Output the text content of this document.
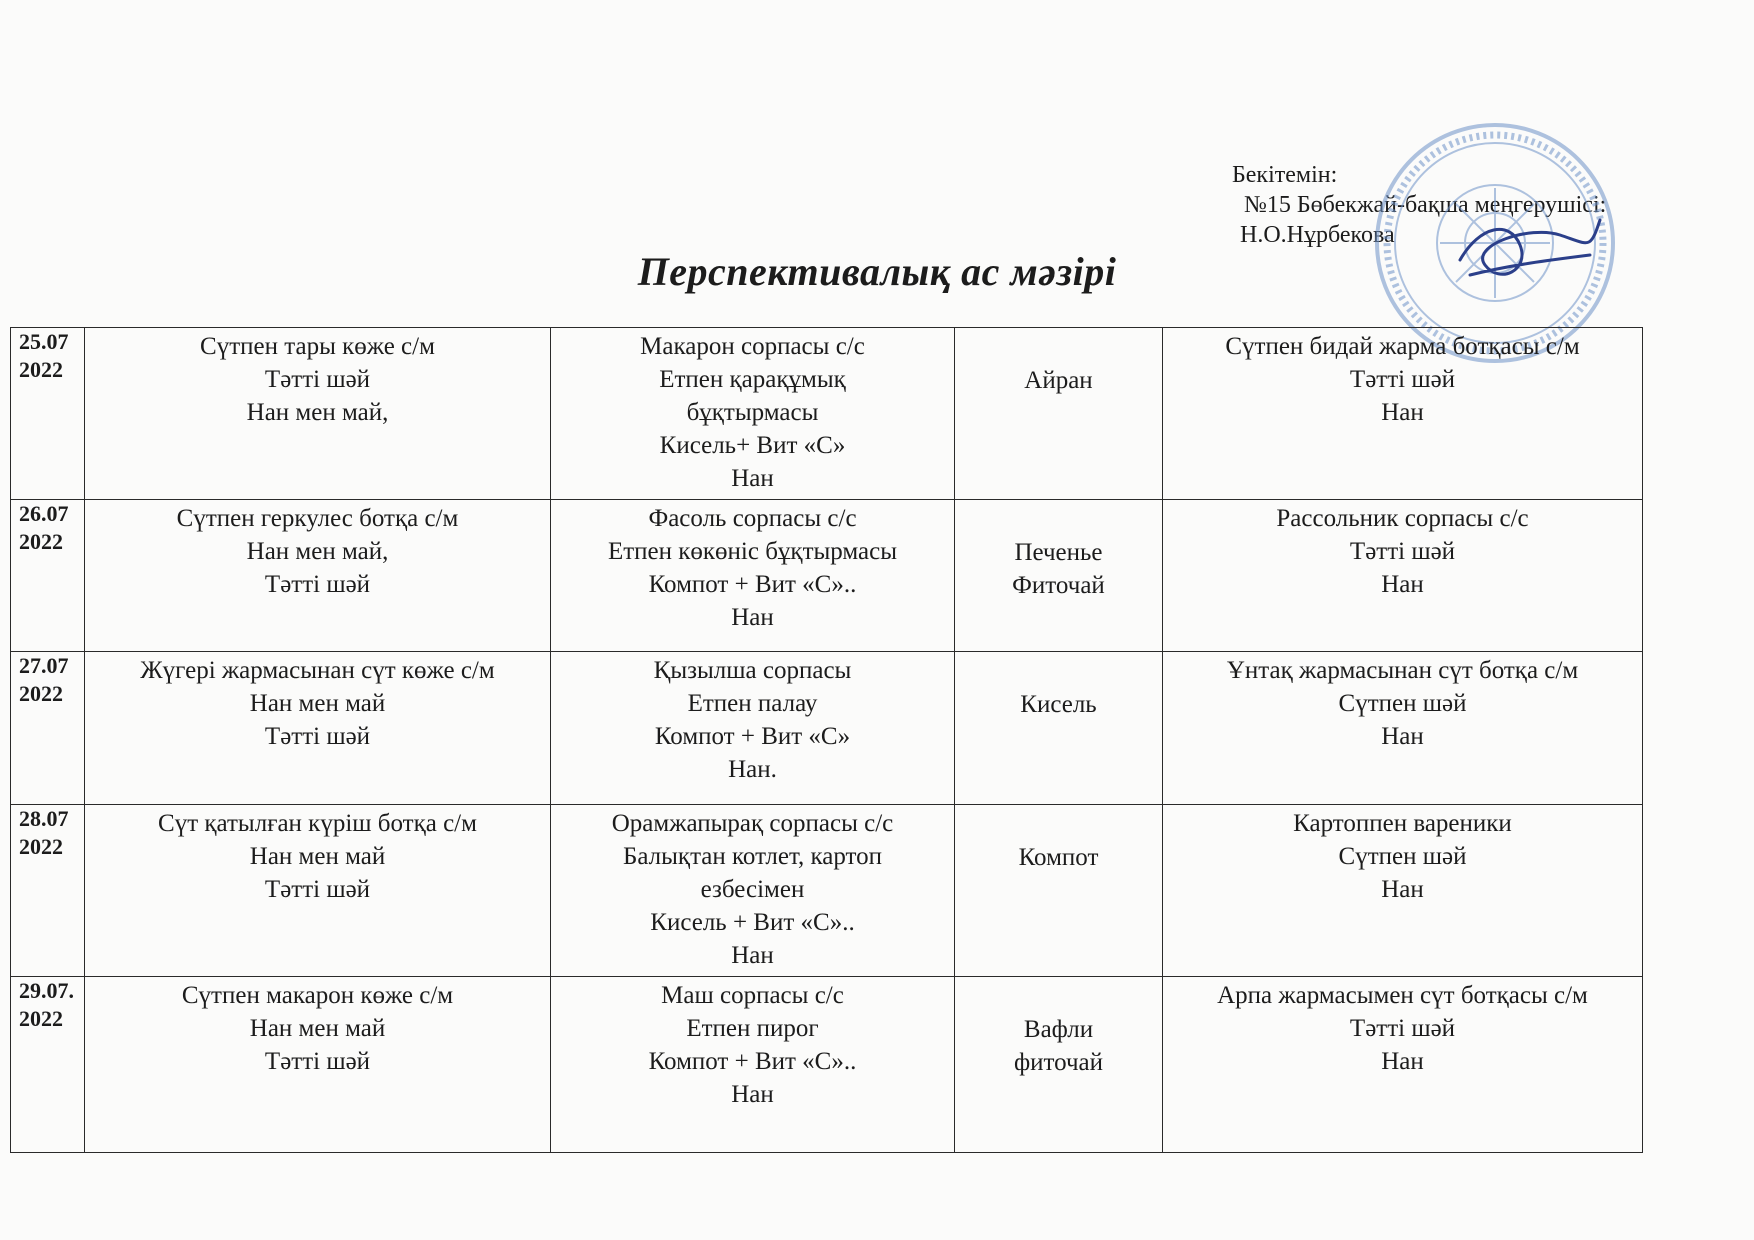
Бекітемін:
№15 Бөбекжай-бақша меңгерушісі:
Н.О.Нұрбекова
Перспективалық ас мәзірі
25.07
2022	Сүтпен тары көже с/м
Тәтті шәй
Нан мен май,	Макарон сорпасы с/с
Етпен қарақұмық
бұқтырмасы
Кисель+ Вит «С»
Нан	Айран	Сүтпен бидай жарма ботқасы с/м
Тәтті шәй
Нан

26.07
2022	Сүтпен геркулес ботқа с/м
Нан мен май,
Тәтті шәй	Фасоль сорпасы с/с
Етпен көкөніс бұқтырмасы
Компот + Вит «С»..
Нан	Печенье
Фиточай	Рассольник сорпасы с/с
Тәтті шәй
Нан

27.07
2022	Жүгері жармасынан сүт көже с/м
Нан мен май
Тәтті шәй	Қызылша сорпасы
Етпен палау
Компот + Вит «С»
Нан.	Кисель	Ұнтақ жармасынан сүт ботқа с/м
Сүтпен шәй
Нан

28.07
2022	Сүт қатылған күріш ботқа с/м
Нан мен май
Тәтті шәй	Орамжапырақ сорпасы с/с
Балықтан котлет, картоп
езбесімен
Кисель + Вит «С»..
Нан	Компот	Картоппен вареники
Сүтпен шәй
Нан

29.07.
2022	Сүтпен макарон көже с/м
Нан мен май
Тәтті шәй	Маш сорпасы с/с
Етпен пирог
Компот + Вит «С»..
Нан	Вафли
фиточай	Арпа жармасымен сүт ботқасы с/м
Тәтті шәй
Нан
